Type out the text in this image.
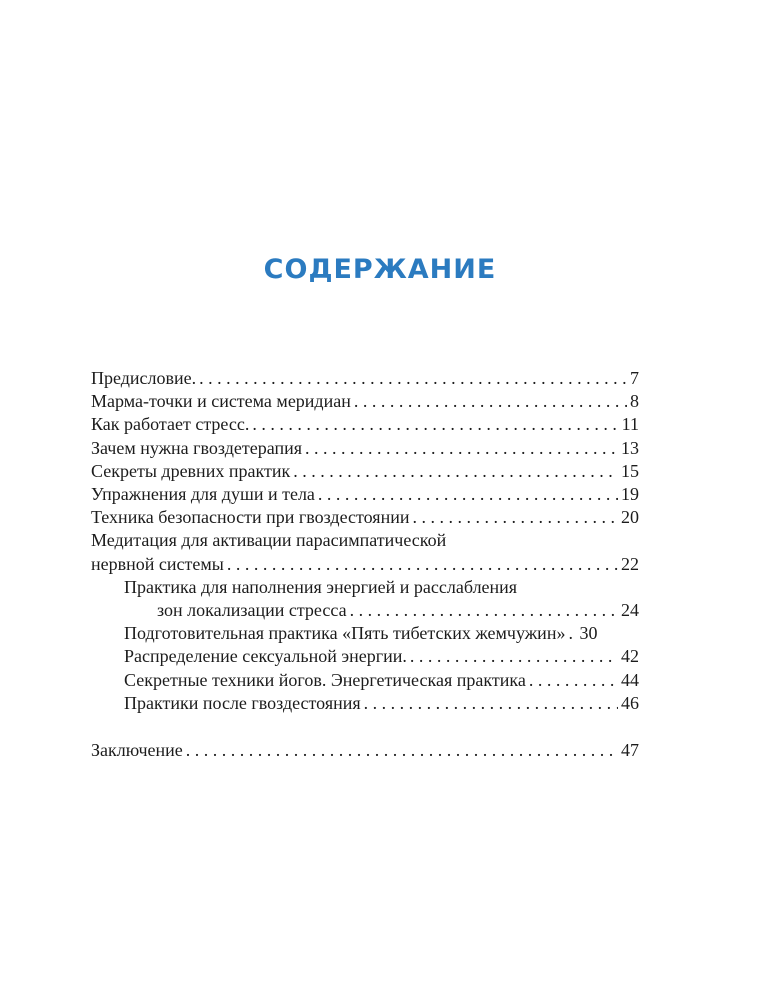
СОДЕРЖАНИЕ
Предисловие. . . .	7
Марма-точки и система меридиан . . .	8
Как работает стресс. . . .	11
Зачем нужна гвоздетерапия . . .	13
Секреты древних практик . . .	15
Упражнения для души и тела . . .	19
Техника безопасности при гвоздестоянии . . .	20
Медитация для активации парасимпатической
нервной системы . . .	22
Практика для наполнения энергией и расслабления
зон локализации стресса . . .	24
Подготовительная практика «Пять тибетских жемчужин» . . . 30
Распределение сексуальной энергии. . . .	42
Секретные техники йогов. Энергетическая практика . . .	44
Практики после гвоздестояния . . .	46
Заключение . . .	47
